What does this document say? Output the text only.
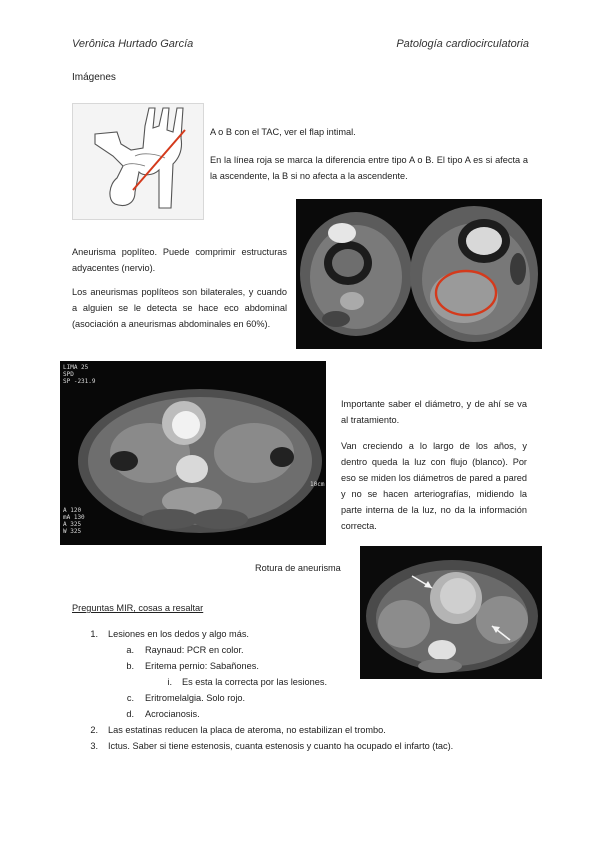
Verônica Hurtado García	Patología cardiocirculatoria
Imágenes
A o B con el TAC, ver el flap intimal.
En la línea roja se marca la diferencia entre tipo A o B. El tipo A es si afecta a la ascendente, la B si no afecta a la ascendente.
Aneurisma poplíteo. Puede comprimir estructuras adyacentes (nervio).
Los aneurismas poplíteos son bilaterales, y cuando a alguien se le detecta se hace eco abdominal (asociación a aneurismas abdominales en 60%).
LIMA 25
SPD
SP -231.9
10cm
A 120
mA 130
A 325
W 325
Importante saber el diámetro, y de ahí se va al tratamiento.
Van creciendo a lo largo de los años, y dentro queda la luz con flujo (blanco). Por eso se miden los diámetros de pared a pared y no se hacen arteriografías, midiendo la parte interna de la luz, no da la información correcta.
Rotura de aneurisma
Preguntas MIR, cosas a resaltar
1. Lesiones en los dedos y algo más.
a. Raynaud: PCR en color.
b. Eritema pernio: Sabañones.
i. Es esta la correcta por las lesiones.
c. Eritromelalgia. Solo rojo.
d. Acrocianosis.
2. Las estatinas reducen la placa de ateroma, no estabilizan el trombo.
3. Ictus. Saber si tiene estenosis, cuanta estenosis y cuanto ha ocupado el infarto (tac).
